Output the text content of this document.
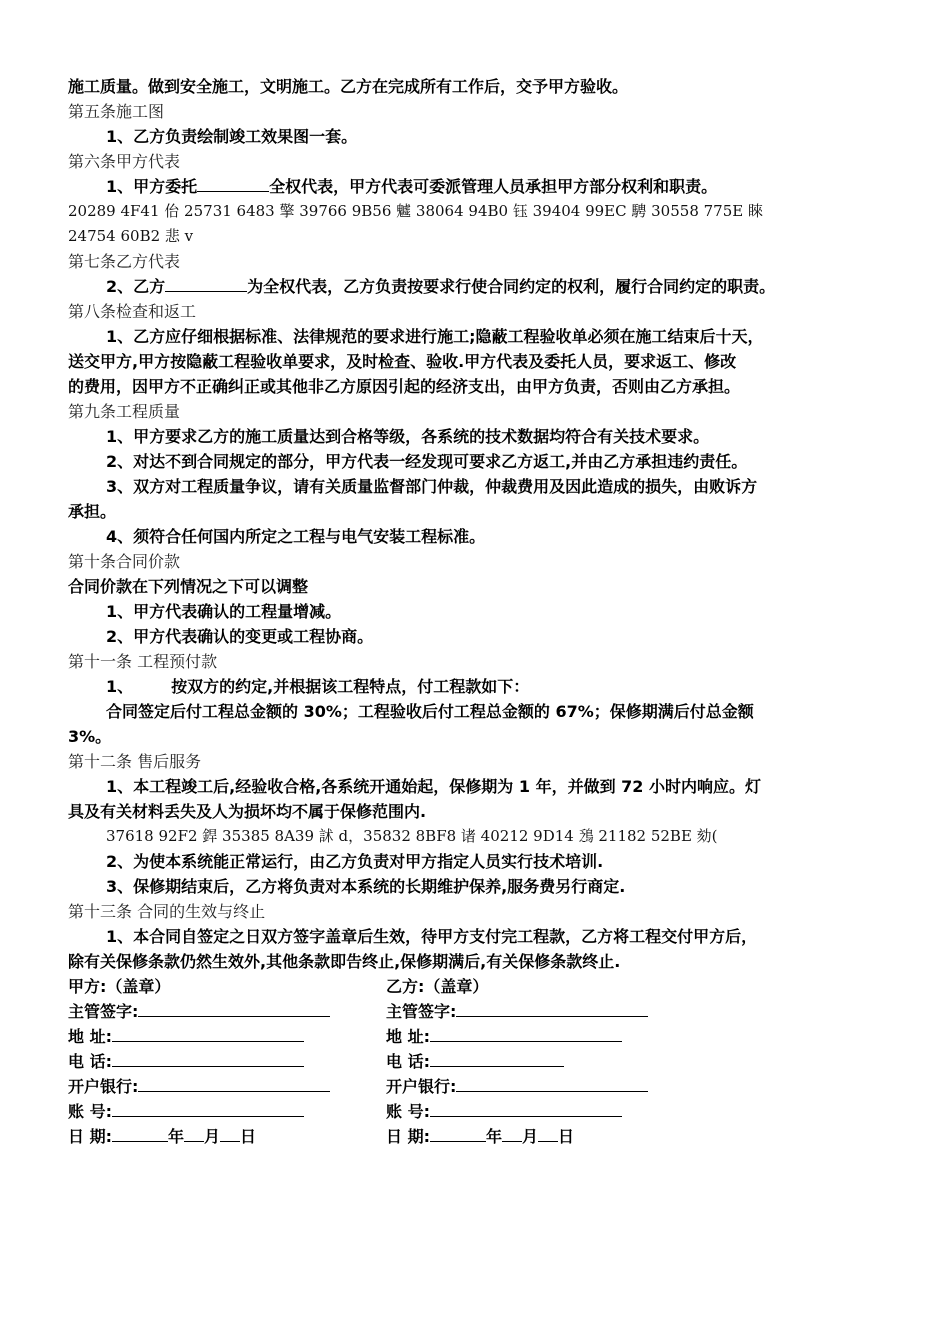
施工质量。做到安全施工，文明施工。乙方在完成所有工作后，交予甲方验收。
第五条施工图
1、乙方负责绘制竣工效果图一套。
第六条甲方代表
1、甲方委托	全权代表，甲方代表可委派管理人员承担甲方部分权利和职责。
20289 4F41 佁 25731 6483 擎 39766 9B56 魖 38064 94B0 钰 39404 99EC 騁 30558 775E 睞
24754 60B2 悲 v
第七条乙方代表
2、乙方	为全权代表，乙方负责按要求行使合同约定的权利，履行合同约定的职责。
第八条检查和返工
1、乙方应仔细根据标准、法律规范的要求进行施工;隐蔽工程验收单必须在施工结束后十天，
送交甲方,甲方按隐蔽工程验收单要求，及时检查、验收.甲方代表及委托人员，要求返工、修改
的费用，因甲方不正确纠正或其他非乙方原因引起的经济支出，由甲方负责，否则由乙方承担。
第九条工程质量
1、甲方要求乙方的施工质量达到合格等级，各系统的技术数据均符合有关技术要求。
2、对达不到合同规定的部分，甲方代表一经发现可要求乙方返工,并由乙方承担违约责任。
3、双方对工程质量争议，请有关质量监督部门仲裁，仲裁费用及因此造成的损失，由败诉方
承担。
4、须符合任何国内所定之工程与电气安装工程标准。
第十条合同价款
合同价款在下列情况之下可以调整
1、甲方代表确认的工程量增减。
2、甲方代表确认的变更或工程协商。
第十一条 工程预付款
1、 按双方的约定,并根据该工程特点，付工程款如下：
合同签定后付工程总金额的 30%；工程验收后付工程总金额的 67%；保修期满后付总金额
3%。
第十二条 售后服务
1、本工程竣工后,经验收合格,各系统开通始起，保修期为 1 年，并做到 72 小时内响应。灯
具及有关材料丢失及人为损坏均不属于保修范围内.
37618 92F2 銲 35385 8A39 訹 d，35832 8BF8 诸 40212 9D14 鴔 21182 52BE 劾(
2、为使本系统能正常运行，由乙方负责对甲方指定人员实行技术培训.
3、保修期结束后，乙方将负责对本系统的长期维护保养,服务费另行商定.
第十三条 合同的生效与终止
1、本合同自签定之日双方签字盖章后生效，待甲方支付完工程款，乙方将工程交付甲方后，
除有关保修条款仍然生效外,其他条款即告终止,保修期满后,有关保修条款终止.
甲方:（盖章）	乙方:（盖章）
主管签字:	主管签字:
地 址:	地 址:
电 话:	电 话:
开户银行:	开户银行:
账 号:	账 号:
日 期:	年 月 日	日 期:	年 月 日
